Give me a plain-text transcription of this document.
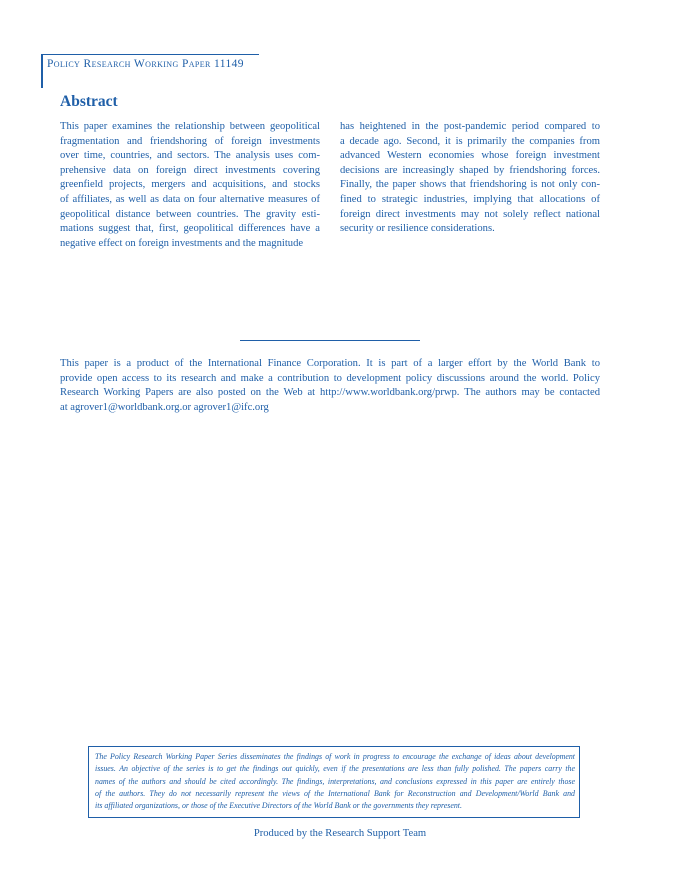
Policy Research Working Paper 11149
Abstract
This paper examines the relationship between geopolitical
fragmentation and friendshoring of foreign investments
over time, countries, and sectors. The analysis uses com-
prehensive data on foreign direct investments covering
greenfield projects, mergers and acquisitions, and stocks
of affiliates, as well as data on four alternative measures of
geopolitical distance between countries. The gravity esti-
mations suggest that, first, geopolitical differences have a
negative effect on foreign investments and the magnitude
has heightened in the post-pandemic period compared to
a decade ago. Second, it is primarily the companies from
advanced Western economies whose foreign investment
decisions are increasingly shaped by friendshoring forces.
Finally, the paper shows that friendshoring is not only con-
fined to strategic industries, implying that allocations of
foreign direct investments may not solely reflect national
security or resilience considerations.
This paper is a product of the International Finance Corporation. It is part of a larger effort by the World Bank to
provide open access to its research and make a contribution to development policy discussions around the world. Policy
Research Working Papers are also posted on the Web at http://www.worldbank.org/prwp. The authors may be contacted
at agrover1@worldbank.org.or agrover1@ifc.org
The Policy Research Working Paper Series disseminates the findings of work in progress to encourage the exchange of ideas about development
issues. An objective of the series is to get the findings out quickly, even if the presentations are less than fully polished. The papers carry the
names of the authors and should be cited accordingly. The findings, interpretations, and conclusions expressed in this paper are entirely those
of the authors. They do not necessarily represent the views of the International Bank for Reconstruction and Development/World Bank and
its affiliated organizations, or those of the Executive Directors of the World Bank or the governments they represent.
Produced by the Research Support Team
